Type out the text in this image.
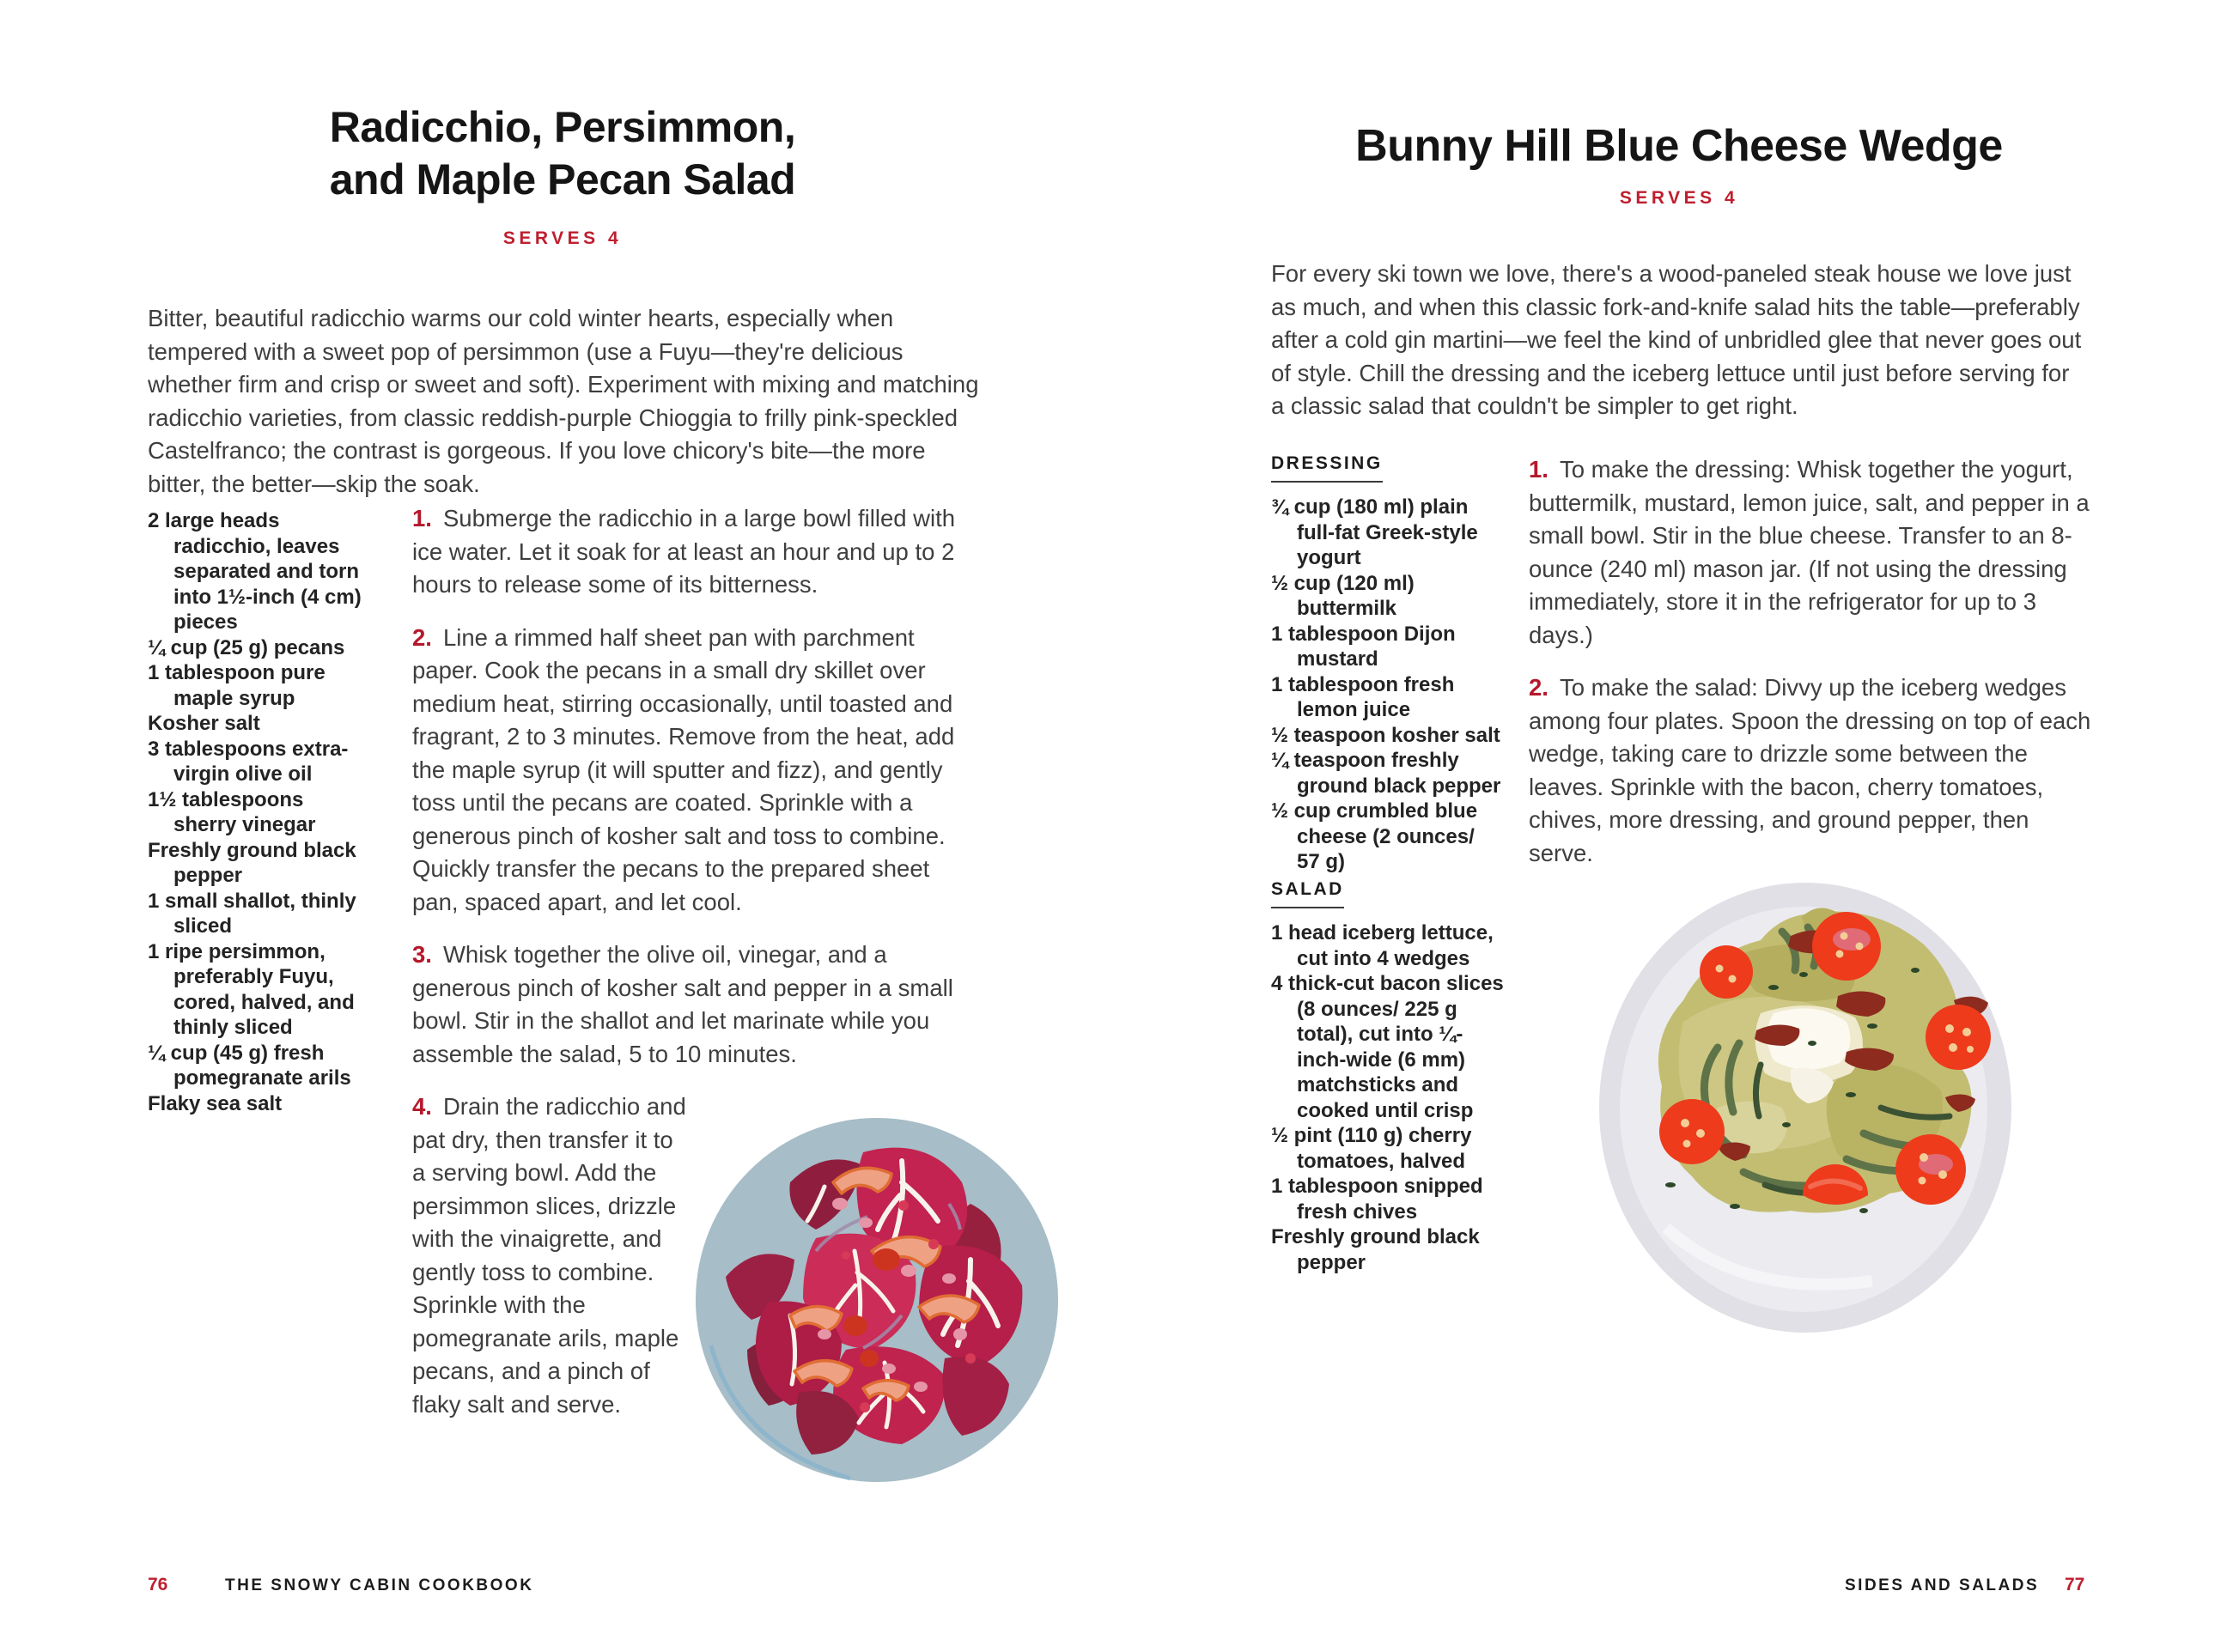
Radicchio, Persimmon,
and Maple Pecan Salad
SERVES 4

Bitter, beautiful radicchio warms our cold winter hearts, especially when tempered with a sweet pop of persimmon (use a Fuyu—they're delicious whether firm and crisp or sweet and soft). Experiment with mixing and matching radicchio varieties, from classic reddish-purple Chioggia to frilly pink-speckled Castelfranco; the contrast is gorgeous. If you love chicory's bite—the more bitter, the better—skip the soak.

2 large heads radicchio, leaves separated and torn into 1½-inch (4 cm) pieces
¼ cup (25 g) pecans
1 tablespoon pure maple syrup
Kosher salt
3 tablespoons extra-virgin olive oil
1½ tablespoons sherry vinegar
Freshly ground black pepper
1 small shallot, thinly sliced
1 ripe persimmon, preferably Fuyu, cored, halved, and thinly sliced
¼ cup (45 g) fresh pomegranate arils
Flaky sea salt

1. Submerge the radicchio in a large bowl filled with ice water. Let it soak for at least an hour and up to 2 hours to release some of its bitterness.

2. Line a rimmed half sheet pan with parchment paper. Cook the pecans in a small dry skillet over medium heat, stirring occasionally, until toasted and fragrant, 2 to 3 minutes. Remove from the heat, add the maple syrup (it will sputter and fizz), and gently toss until the pecans are coated. Sprinkle with a generous pinch of kosher salt and toss to combine. Quickly transfer the pecans to the prepared sheet pan, spaced apart, and let cool.

3. Whisk together the olive oil, vinegar, and a generous pinch of kosher salt and pepper in a small bowl. Stir in the shallot and let marinate while you assemble the salad, 5 to 10 minutes.

4. Drain the radicchio and pat dry, then transfer it to a serving bowl. Add the persimmon slices, drizzle with the vinaigrette, and gently toss to combine. Sprinkle with the pomegranate arils, maple pecans, and a pinch of flaky salt and serve.

76	THE SNOWY CABIN COOKBOOK
Bunny Hill Blue Cheese Wedge
SERVES 4

For every ski town we love, there's a wood-paneled steak house we love just as much, and when this classic fork-and-knife salad hits the table—preferably after a cold gin martini—we feel the kind of unbridled glee that never goes out of style. Chill the dressing and the iceberg lettuce until just before serving for a classic salad that couldn't be simpler to get right.

DRESSING
¾ cup (180 ml) plain full-fat Greek-style yogurt
½ cup (120 ml) buttermilk
1 tablespoon Dijon mustard
1 tablespoon fresh lemon juice
½ teaspoon kosher salt
¼ teaspoon freshly ground black pepper
½ cup crumbled blue cheese (2 ounces/ 57 g)
SALAD
1 head iceberg lettuce, cut into 4 wedges
4 thick-cut bacon slices (8 ounces/ 225 g total), cut into ¼-inch-wide (6 mm) matchsticks and cooked until crisp
½ pint (110 g) cherry tomatoes, halved
1 tablespoon snipped fresh chives
Freshly ground black pepper

1. To make the dressing: Whisk together the yogurt, buttermilk, mustard, lemon juice, salt, and pepper in a small bowl. Stir in the blue cheese. Transfer to an 8-ounce (240 ml) mason jar. (If not using the dressing immediately, store it in the refrigerator for up to 3 days.)

2. To make the salad: Divvy up the iceberg wedges among four plates. Spoon the dressing on top of each wedge, taking care to drizzle some between the leaves. Sprinkle with the bacon, cherry tomatoes, chives, more dressing, and ground pepper, then serve.

SIDES AND SALADS 77
